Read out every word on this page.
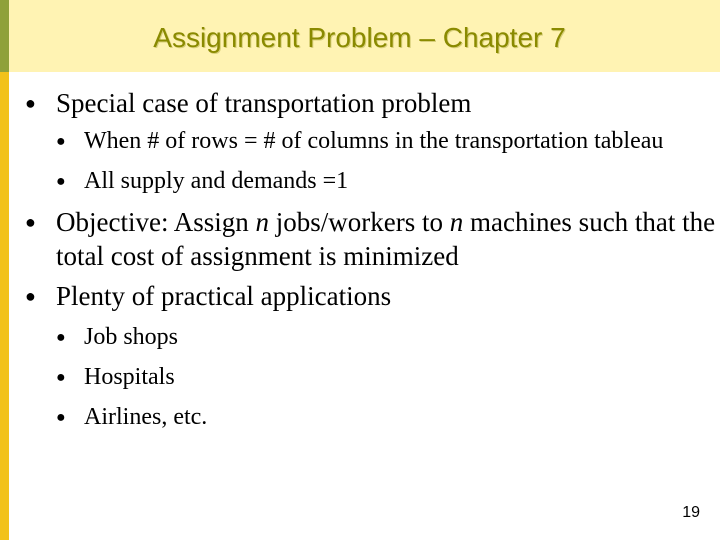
Assignment Problem – Chapter 7
● Special case of transportation problem
● When # of rows = # of columns in the transportation tableau
● All supply and demands =1
● Objective: Assign n jobs/workers to n machines such that the total cost of assignment is minimized
● Plenty of practical applications
● Job shops
● Hospitals
● Airlines, etc.
19
